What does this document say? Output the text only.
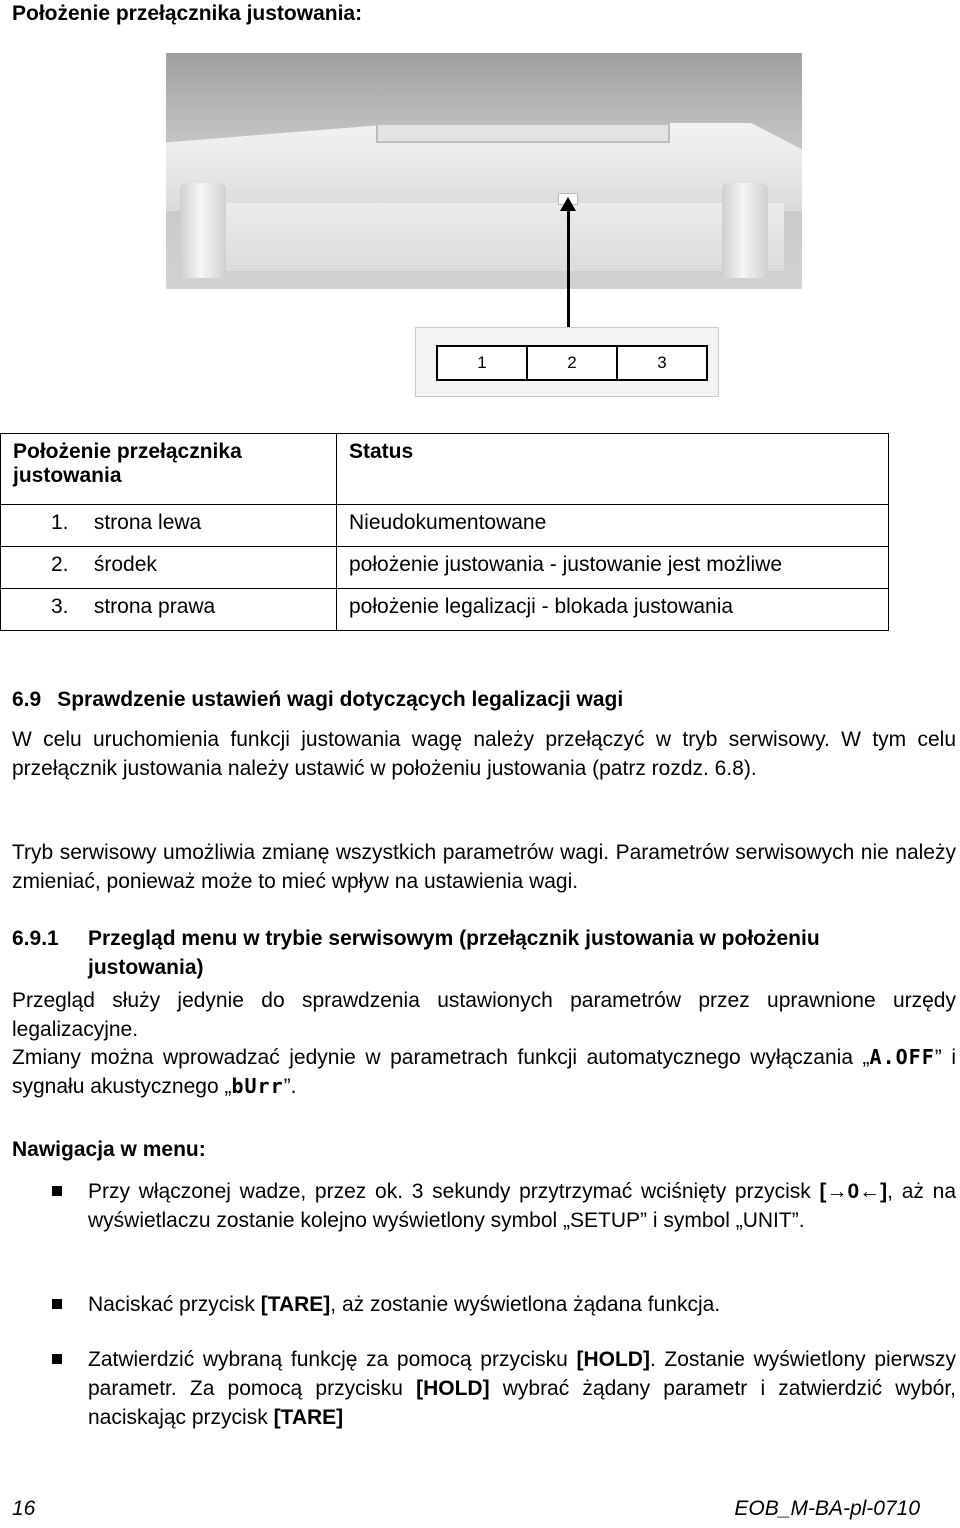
Położenie przełącznika justowania:
1	2	3
Położenie przełącznika justowania	Status
1. strona lewa	Nieudokumentowane
2. środek	położenie justowania - justowanie jest możliwe
3. strona prawa	położenie legalizacji - blokada justowania
6.9 Sprawdzenie ustawień wagi dotyczących legalizacji wagi
W celu uruchomienia funkcji justowania wagę należy przełączyć w tryb serwisowy. W tym celu przełącznik justowania należy ustawić w położeniu justowania (patrz rozdz. 6.8).
Tryb serwisowy umożliwia zmianę wszystkich parametrów wagi. Parametrów serwisowych nie należy zmieniać, ponieważ może to mieć wpływ na ustawienia wagi.
6.9.1 Przegląd menu w trybie serwisowym (przełącznik justowania w położeniu justowania)
Przegląd służy jedynie do sprawdzenia ustawionych parametrów przez uprawnione urzędy legalizacyjne.
Zmiany można wprowadzać jedynie w parametrach funkcji automatycznego wyłączania „A.OFF” i sygnału akustycznego „bUrr”.
Nawigacja w menu:
Przy włączonej wadze, przez ok. 3 sekundy przytrzymać wciśnięty przycisk [→0←], aż na wyświetlaczu zostanie kolejno wyświetlony symbol „SETUP” i symbol „UNIT”.
Naciskać przycisk [TARE], aż zostanie wyświetlona żądana funkcja.
Zatwierdzić wybraną funkcję za pomocą przycisku [HOLD]. Zostanie wyświetlony pierwszy parametr. Za pomocą przycisku [HOLD] wybrać żądany parametr i zatwierdzić wybór, naciskając przycisk [TARE]
16	EOB_M-BA-pl-0710
